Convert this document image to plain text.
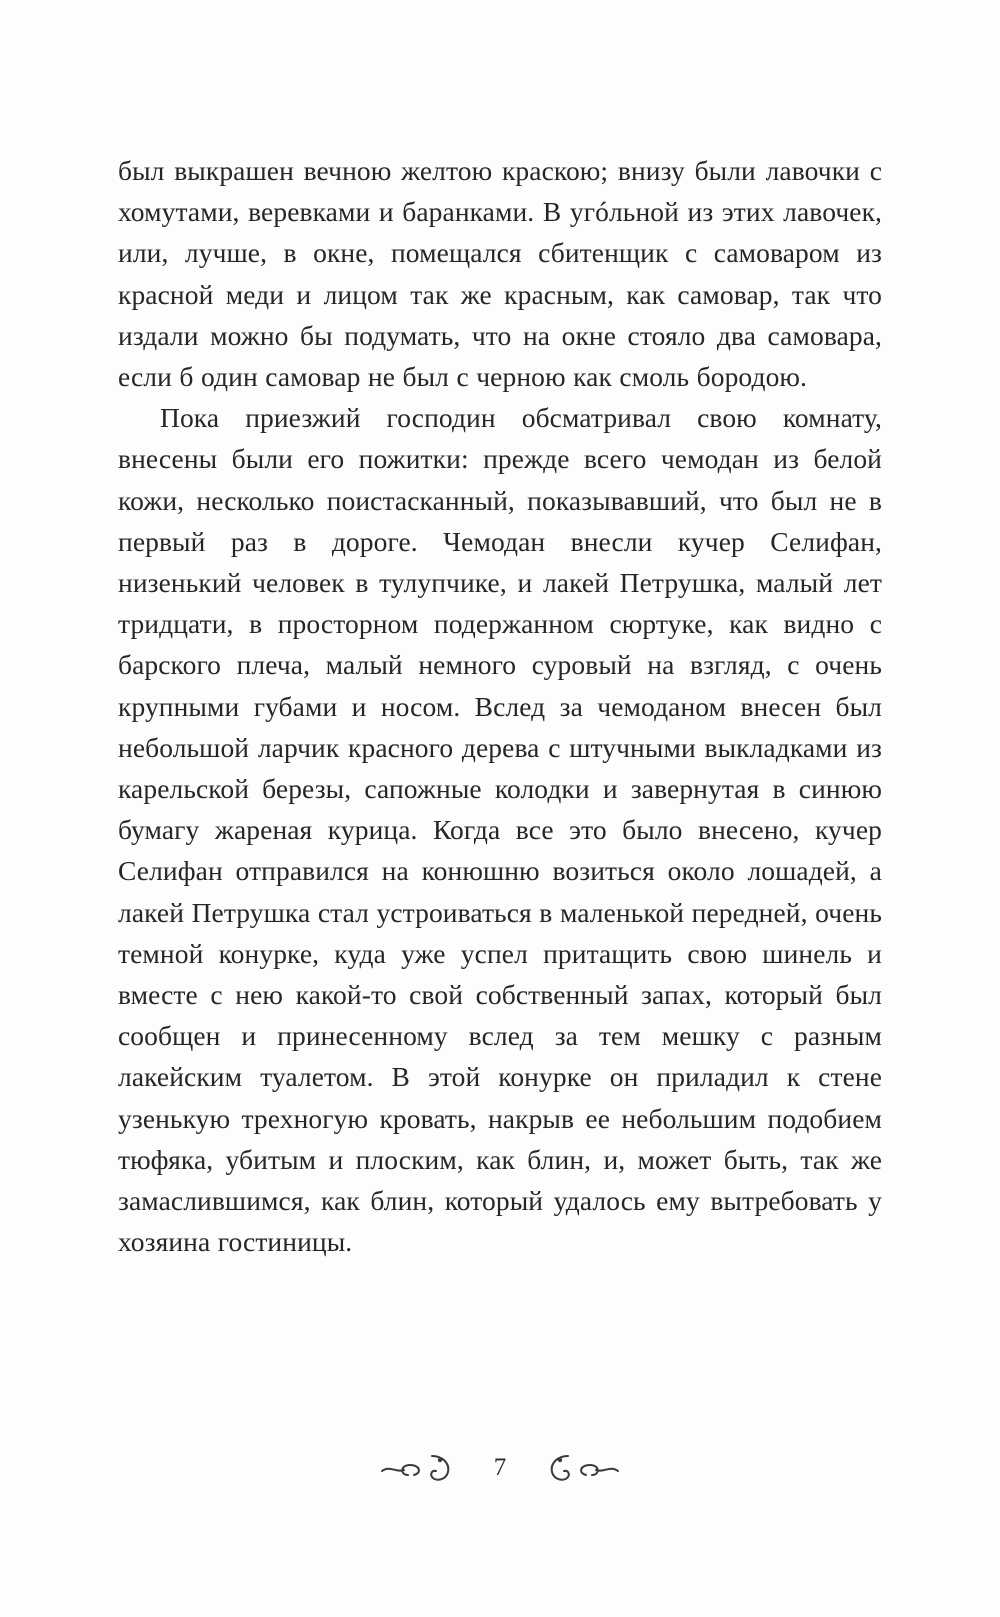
был выкрашен вечною желтою краскою; внизу были лавочки с хомутами, веревками и баранками. В угóльной из этих лавочек, или, лучше, в окне, помещался сбитенщик с самоваром из красной меди и лицом так же красным, как самовар, так что издали можно бы подумать, что на окне стояло два самовара, если б один самовар не был с черною как смоль бородою.

Пока приезжий господин обсматривал свою комнату, внесены были его пожитки: прежде всего чемодан из белой кожи, несколько поистасканный, показывавший, что был не в первый раз в дороге. Чемодан внесли кучер Селифан, низенький человек в тулупчике, и лакей Петрушка, малый лет тридцати, в просторном подержанном сюртуке, как видно с барского плеча, малый немного суровый на взгляд, с очень крупными губами и носом. Вслед за чемоданом внесен был небольшой ларчик красного дерева с штучными выкладками из карельской березы, сапожные колодки и завернутая в синюю бумагу жареная курица. Когда все это было внесено, кучер Селифан отправился на конюшню возиться около лошадей, а лакей Петрушка стал устроиваться в маленькой передней, очень темной конурке, куда уже успел притащить свою шинель и вместе с нею какой-то свой собственный запах, который был сообщен и принесенному вслед за тем мешку с разным лакейским туалетом. В этой конурке он приладил к стене узенькую трехногую кровать, накрыв ее небольшим подобием тюфяка, убитым и плоским, как блин, и, может быть, так же замаслившимся, как блин, который удалось ему вытребовать у хозяина гостиницы.

7
